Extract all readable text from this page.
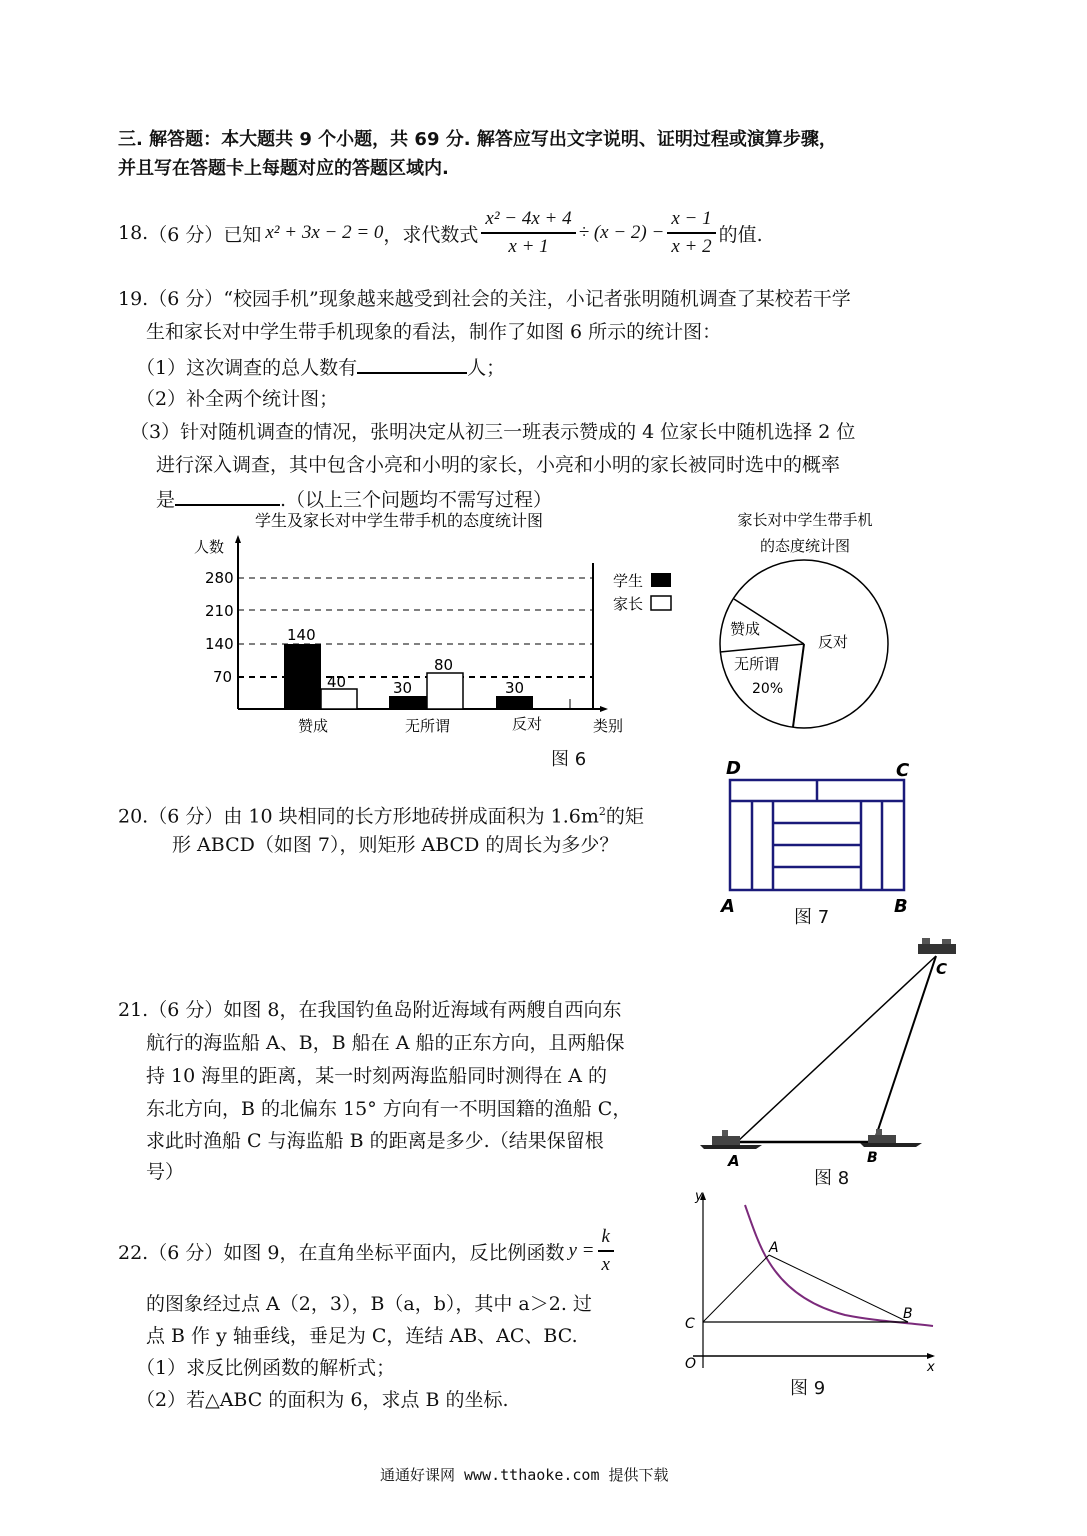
三. 解答题：本大题共 9 个小题，共 69 分. 解答应写出文字说明、证明过程或演算步骤，
并且写在答题卡上每题对应的答题区域内.
18. （6 分） 已知 x² + 3x − 2 = 0 ，求代数式 $\frac{\text{x² − 4x + 4}}{x + 1} \div (x - 2) - \frac{x - 1}{x + 2}$ 的值.
19.（6 分）“校园手机”现象越来越受到社会的关注，小记者张明随机调查了某校若干学
生和家长对中学生带手机现象的看法，制作了如图 6 所示的统计图：
（1）这次调查的总人数有	人；
（2）补全两个统计图；
（3）针对随机调查的情况，张明决定从初三一班表示赞成的 4 位家长中随机选择 2 位
进行深入调查，其中包含小亮和小明的家长，小亮和小明的家长被同时选中的概率
是	.（以上三个问题均不需写过程）
学生及家长对中学生带手机的态度统计图
人数
280
210
140
70
140
40	30
80
30
赞成	无所谓	反对	类别
学生
家长
图 6
家长对中学生带手机
的态度统计图
赞成
反对
无所谓
20%
20.（6 分）由 10 块相同的长方形地砖拼成面积为 $1.6m^2$的矩
形 ABCD（如图 7），则矩形 ABCD 的周长为多少？
D	C
A	B
图 7
21.（6 分）如图 8，在我国钓鱼岛附近海域有两艘自西向东
航行的海监船 A、B，B 船在 A 船的正东方向，且两船保
持 10 海里的距离，某一时刻两海监船同时测得在 A 的
东北方向，B 的北偏东 15° 方向有一不明国籍的渔船 C，
求此时渔船 C 与海监船 B 的距离是多少.（结果保留根
号）	A	B
C
图 8
22.（6 分）如图 9，在直角坐标平面内，反比例函数 $y = \frac{k}{x}$
的图象经过点 A（2，3），B（a，b），其中 a＞2. 过
点 B 作 y 轴垂线，垂足为 C，连结 AB、AC、BC.
（1）求反比例函数的解析式；
（2）若△ABC 的面积为 6，求点 B 的坐标.
y
x
A
B
C
O
图 9
通通好课网 www.tthaoke.com 提供下载
